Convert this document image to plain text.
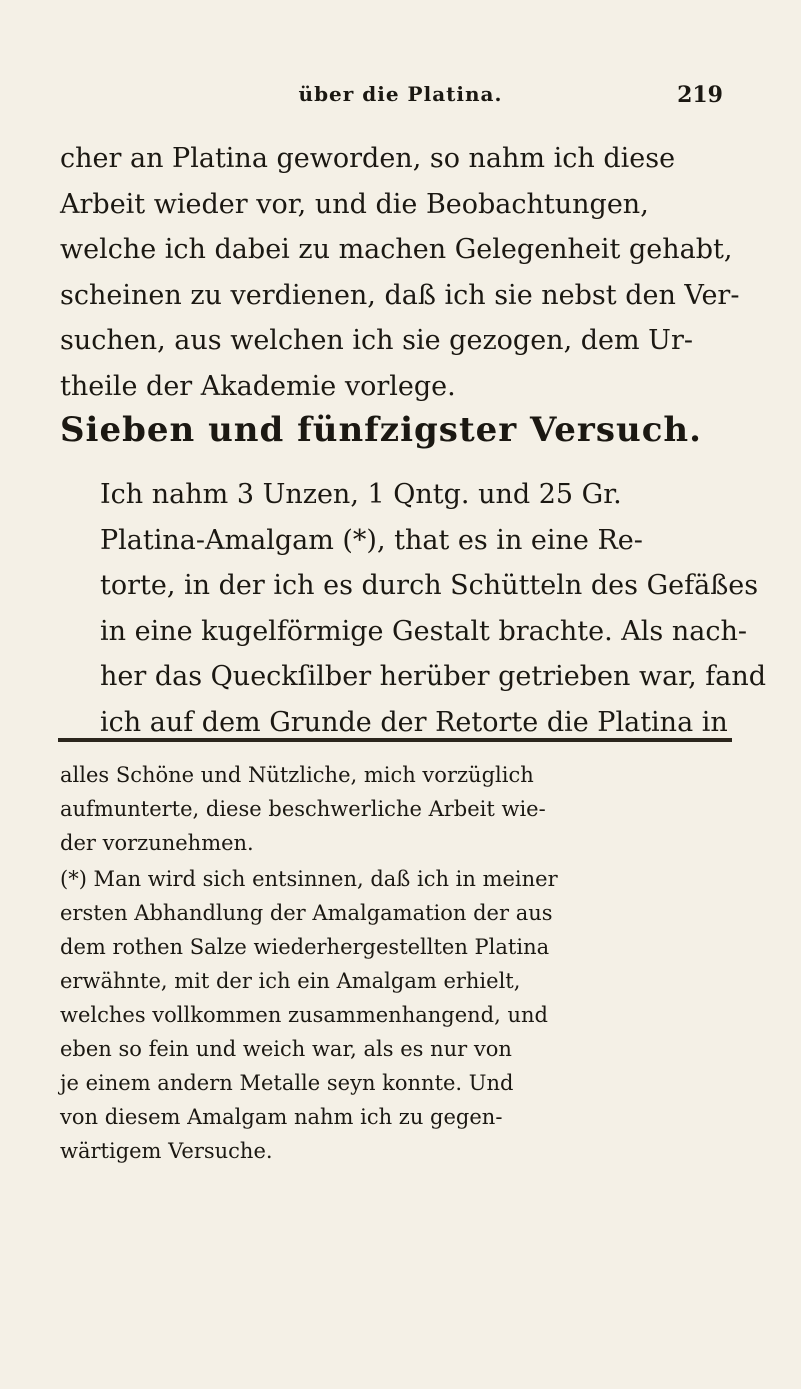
über die Platina.	219
cher an Platina geworden, so nahm ich diese
Arbeit wieder vor, und die Beobachtungen,
welche ich dabei zu machen Gelegenheit gehabt,
scheinen zu verdienen, daß ich sie nebst den Ver-
suchen, aus welchen ich sie gezogen, dem Ur-
theile der Akademie vorlege.
Sieben und fünfzigster Versuch.
Ich nahm 3 Unzen, 1 Qntg. und 25 Gr.
Platina-Amalgam (*), that es in eine Re-
torte, in der ich es durch Schütteln des Gefäßes
in eine kugelförmige Gestalt brachte. Als nach-
her das Queckſilber herüber getrieben war, fand
ich auf dem Grunde der Retorte die Platina in
alles Schöne und Nützliche, mich vorzüglich
aufmunterte, diese beschwerliche Arbeit wie-
der vorzunehmen.
(*) Man wird sich entsinnen, daß ich in meiner
ersten Abhandlung der Amalgamation der aus
dem rothen Salze wiederhergestellten Platina
erwähnte, mit der ich ein Amalgam erhielt,
welches vollkommen zusammenhangend, und
eben so fein und weich war, als es nur von
je einem andern Metalle seyn konnte. Und
von diesem Amalgam nahm ich zu gegen-
wärtigem Versuche.
